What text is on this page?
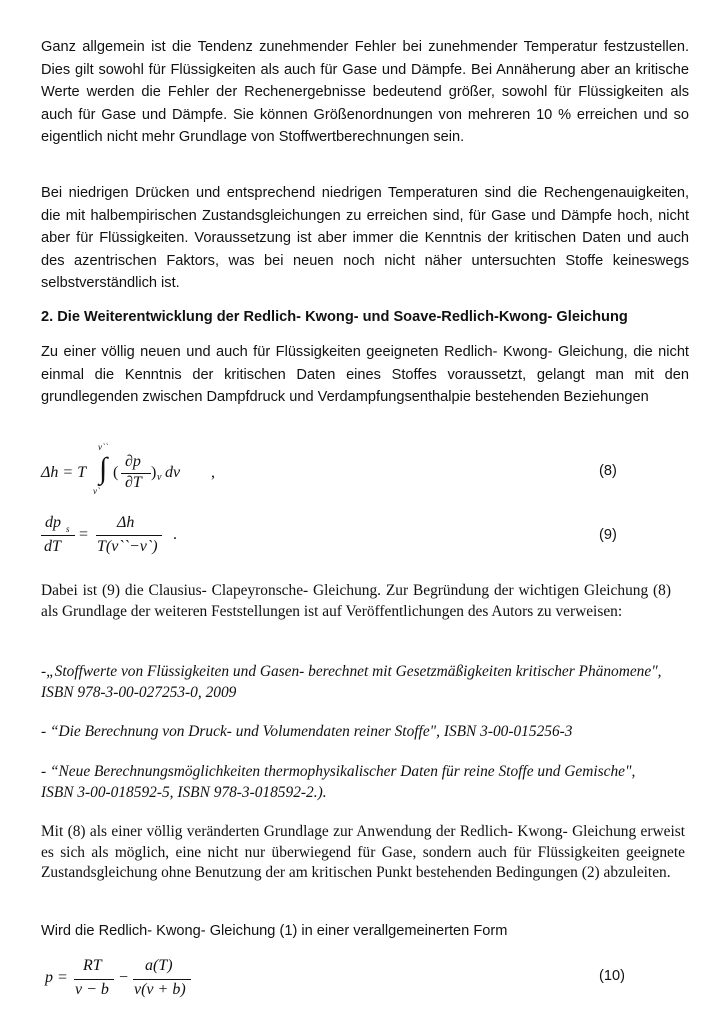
Ganz allgemein ist die Tendenz zunehmender Fehler bei zunehmender Temperatur festzustellen. Dies gilt sowohl für Flüssigkeiten als auch für Gase und Dämpfe. Bei Annäherung aber an kritische Werte werden die Fehler der Rechenergebnisse bedeutend größer, sowohl für Flüssigkeiten als auch für Gase und Dämpfe. Sie können Größenordnungen von mehreren 10 % erreichen und so eigentlich nicht mehr Grundlage von Stoffwertberechnungen sein.

Bei niedrigen Drücken und entsprechend niedrigen Temperaturen sind die Rechengenauigkeiten, die mit halbempirischen Zustandsgleichungen zu erreichen sind, für Gase und Dämpfe hoch, nicht aber für Flüssigkeiten. Voraussetzung ist aber immer die Kenntnis der kritischen Daten und auch des azentrischen Faktors, was bei neuen noch nicht näher untersuchten Stoffe keineswegs selbstverständlich ist.

2. Die Weiterentwicklung der Redlich- Kwong- und Soave-Redlich-Kwong- Gleichung

Zu einer völlig neuen und auch für Flüssigkeiten geeigneten Redlich- Kwong- Gleichung, die nicht einmal die Kenntnis der kritischen Daten eines Stoffes voraussetzt, gelangt man mit den grundlegenden zwischen Dampfdruck und Verdampfungsenthalpie bestehenden Beziehungen

Δh = T ∫
v``
v`
(
∂p
∂T
) v dv ,	(8)
dp s
dT
=
Δh
T(v``−v`)
.	(9)

Dabei ist (9) die Clausius- Clapeyronsche- Gleichung. Zur Begründung der wichtigen Gleichung (8) als Grundlage der weiteren Feststellungen ist auf Veröffentlichungen des Autors zu verweisen:

-„Stoffwerte von Flüssigkeiten und Gasen- berechnet mit Gesetzmäßigkeiten kritischer Phänomene", ISBN 978-3-00-027253-0, 2009

- “Die Berechnung von Druck- und Volumendaten reiner Stoffe", ISBN 3-00-015256-3

- “Neue Berechnungsmöglichkeiten thermophysikalischer Daten für reine Stoffe und Gemische", ISBN 3-00-018592-5, ISBN 978-3-018592-2.).

Mit (8) als einer völlig veränderten Grundlage zur Anwendung der Redlich- Kwong- Gleichung erweist es sich als möglich, eine nicht nur überwiegend für Gase, sondern auch für Flüssigkeiten geeignete Zustandsgleichung ohne Benutzung der am kritischen Punkt bestehenden Bedingungen (2) abzuleiten.

Wird die Redlich- Kwong- Gleichung (1) in einer verallgemeinerten Form

p =
RT
v − b
−
a(T)
v(v + b)
(10)
